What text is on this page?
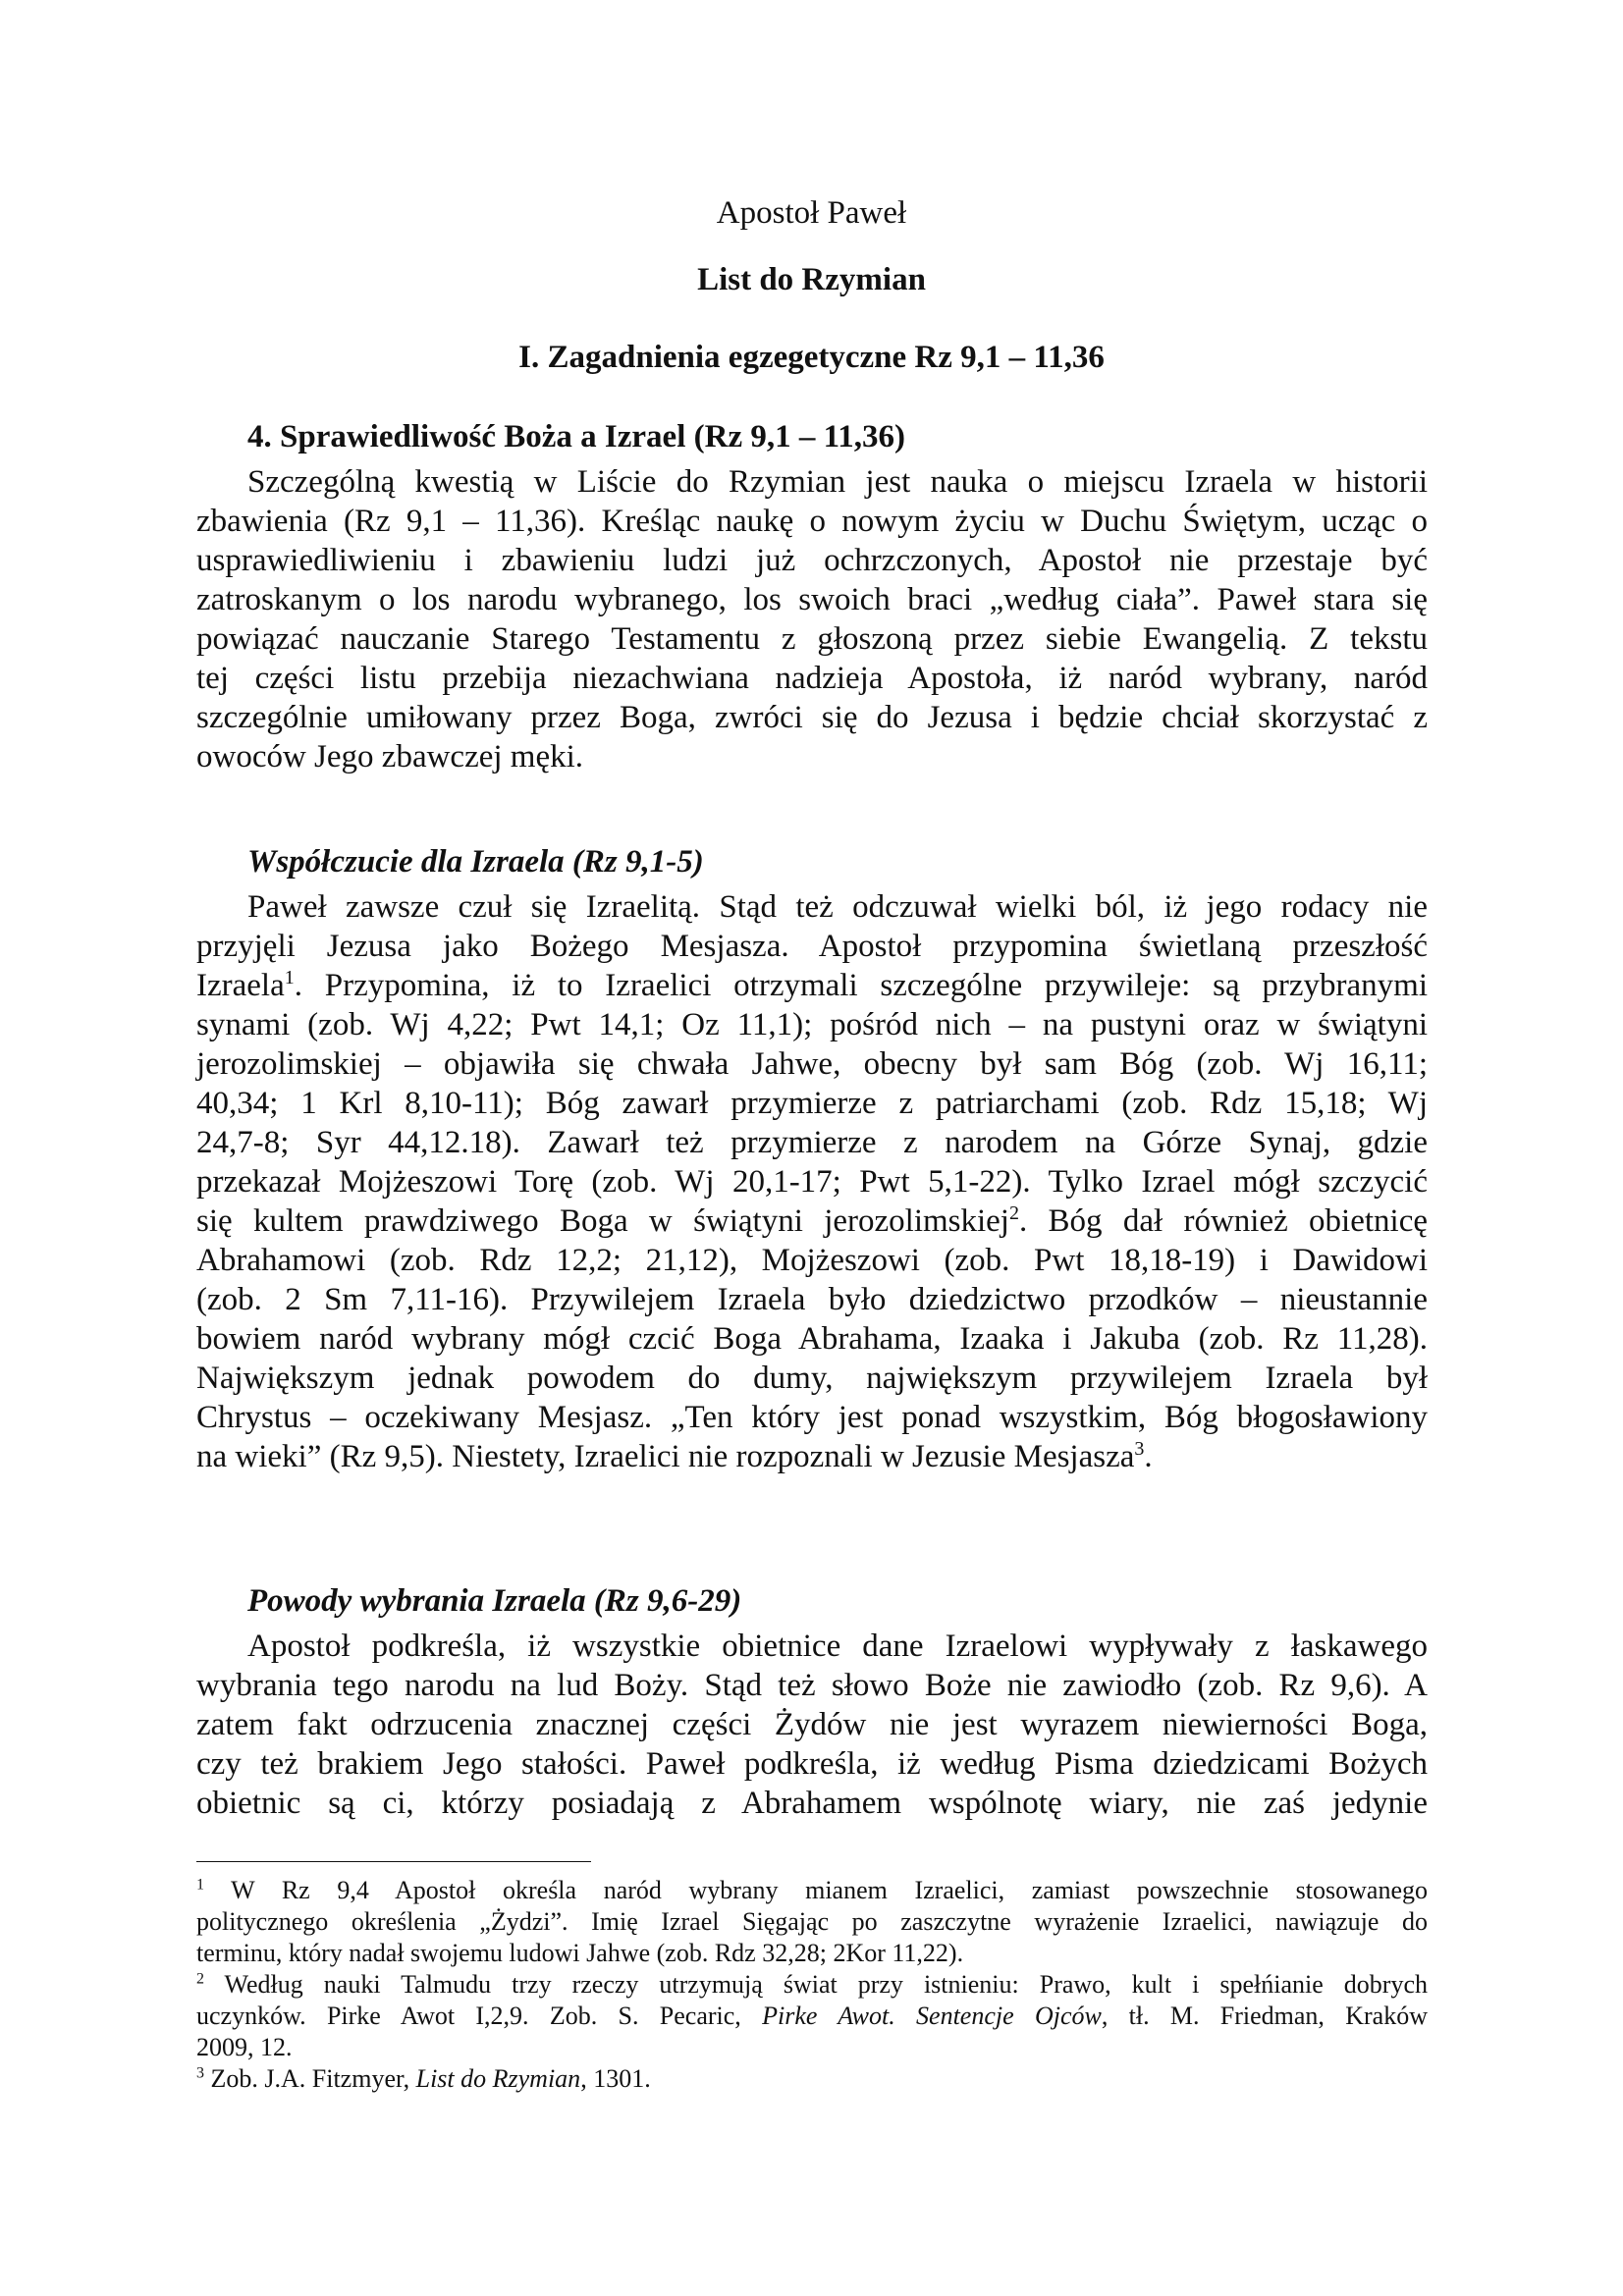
Apostoł Paweł
List do Rzymian
I. Zagadnienia egzegetyczne Rz 9,1 – 11,36
4. Sprawiedliwość Boża a Izrael (Rz 9,1 – 11,36)
Szczególną kwestią w Liście do Rzymian jest nauka o miejscu Izraela w historii
zbawienia (Rz 9,1 – 11,36). Kreśląc naukę o nowym życiu w Duchu Świętym, ucząc o
usprawiedliwieniu i zbawieniu ludzi już ochrzczonych, Apostoł nie przestaje być
zatroskanym o los narodu wybranego, los swoich braci „według ciała”. Paweł stara się
powiązać nauczanie Starego Testamentu z głoszoną przez siebie Ewangelią. Z tekstu
tej części listu przebija niezachwiana nadzieja Apostoła, iż naród wybrany, naród
szczególnie umiłowany przez Boga, zwróci się do Jezusa i będzie chciał skorzystać z
owoców Jego zbawczej męki.
Współczucie dla Izraela (Rz 9,1-5)
Paweł zawsze czuł się Izraelitą. Stąd też odczuwał wielki ból, iż jego rodacy nie
przyjęli Jezusa jako Bożego Mesjasza. Apostoł przypomina świetlaną przeszłość
Izraela$^1$. Przypomina, iż to Izraelici otrzymali szczególne przywileje: są przybranymi
synami (zob. Wj 4,22; Pwt 14,1; Oz 11,1); pośród nich – na pustyni oraz w świątyni
jerozolimskiej – objawiła się chwała Jahwe, obecny był sam Bóg (zob. Wj 16,11;
40,34; 1 Krl 8,10-11); Bóg zawarł przymierze z patriarchami (zob. Rdz 15,18; Wj
24,7-8; Syr 44,12.18). Zawarł też przymierze z narodem na Górze Synaj, gdzie
przekazał Mojżeszowi Torę (zob. Wj 20,1-17; Pwt 5,1-22). Tylko Izrael mógł szczycić
się kultem prawdziwego Boga w świątyni jerozolimskiej$^2$. Bóg dał również obietnicę
Abrahamowi (zob. Rdz 12,2; 21,12), Mojżeszowi (zob. Pwt 18,18-19) i Dawidowi
(zob. 2 Sm 7,11-16). Przywilejem Izraela było dziedzictwo przodków – nieustannie
bowiem naród wybrany mógł czcić Boga Abrahama, Izaaka i Jakuba (zob. Rz 11,28).
Największym jednak powodem do dumy, największym przywilejem Izraela był
Chrystus – oczekiwany Mesjasz. „Ten który jest ponad wszystkim, Bóg błogosławiony
na wieki” (Rz 9,5). Niestety, Izraelici nie rozpoznali w Jezusie Mesjasza$^3$.
Powody wybrania Izraela (Rz 9,6-29)
Apostoł podkreśla, iż wszystkie obietnice dane Izraelowi wypływały z łaskawego
wybrania tego narodu na lud Boży. Stąd też słowo Boże nie zawiodło (zob. Rz 9,6). A
zatem fakt odrzucenia znacznej części Żydów nie jest wyrazem niewierności Boga,
czy też brakiem Jego stałości. Paweł podkreśla, iż według Pisma dziedzicami Bożych
obietnic są ci, którzy posiadają z Abrahamem wspólnotę wiary, nie zaś jedynie
$^1$ W Rz 9,4 Apostoł określa naród wybrany mianem Izraelici, zamiast powszechnie stosowanego
politycznego określenia „Żydzi”. Imię Izrael Sięgając po zaszczytne wyrażenie Izraelici, nawiązuje do
terminu, który nadał swojemu ludowi Jahwe (zob. Rdz 32,28; 2Kor 11,22).
$^2$ Według nauki Talmudu trzy rzeczy utrzymują świat przy istnieniu: Prawo, kult i spełńianie dobrych
uczynków. Pirke Awot I,2,9. Zob. S. Pecaric, Pirke Awot. Sentencje Ojców, tł. M. Friedman, Kraków
2009, 12.
$^3$ Zob. J.A. Fitzmyer, List do Rzymian, 1301.
